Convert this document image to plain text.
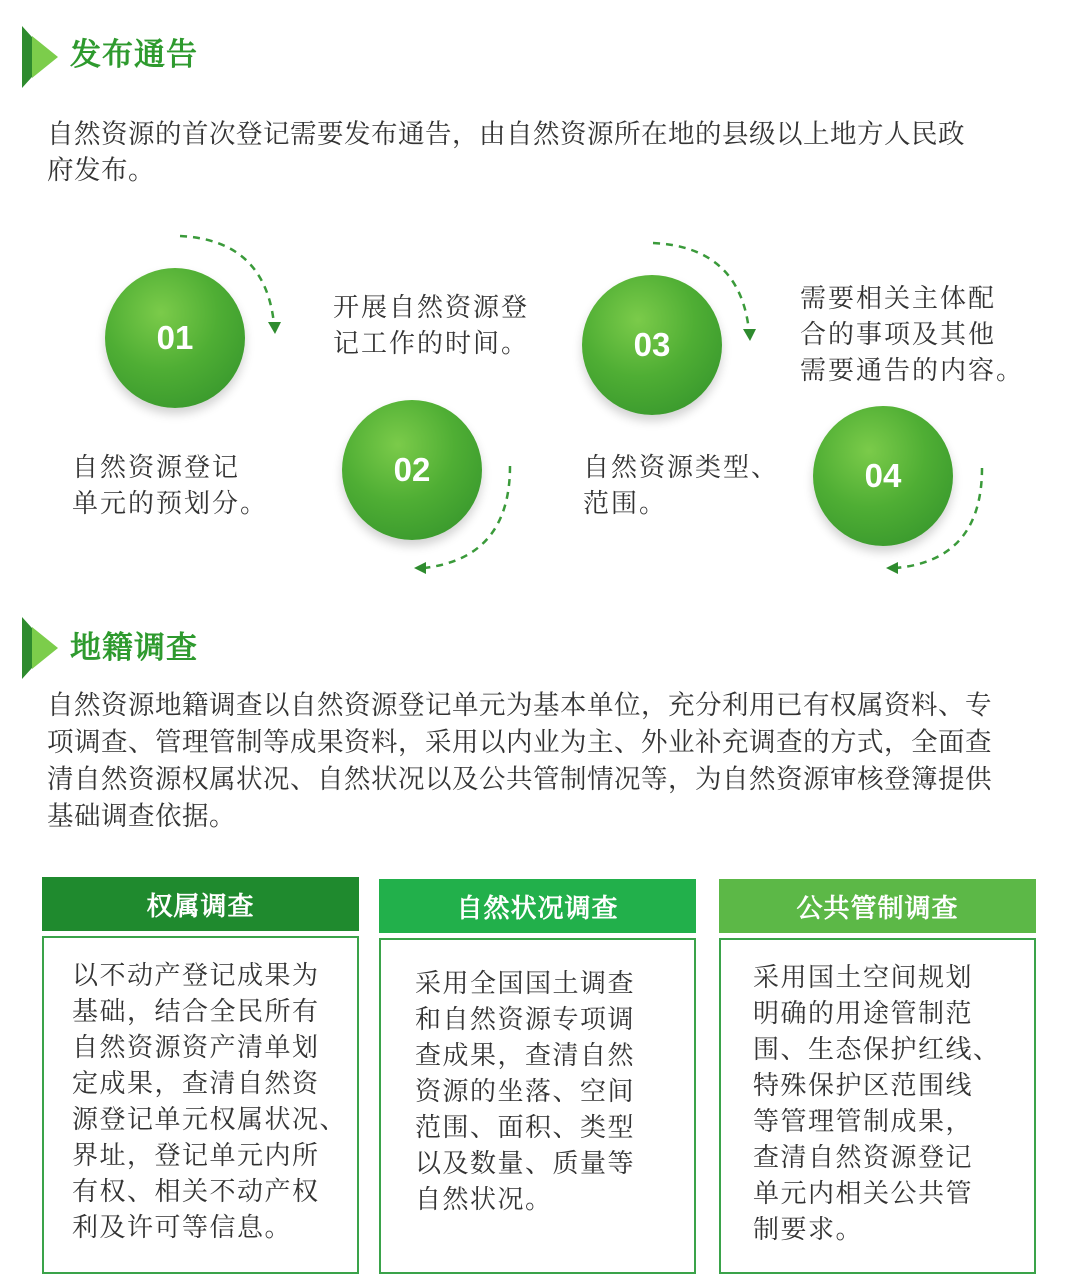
发布通告
自然资源的首次登记需要发布通告，由自然资源所在地的县级以上地方人民政
府发布。
01
02
03
04
自然资源登记
单元的预划分。
开展自然资源登
记工作的时间。
自然资源类型、
范围。
需要相关主体配
合的事项及其他
需要通告的内容。
地籍调查
自然资源地籍调查以自然资源登记单元为基本单位，充分利用已有权属资料、专
项调查、管理管制等成果资料，采用以内业为主、外业补充调查的方式，全面查
清自然资源权属状况、自然状况以及公共管制情况等，为自然资源审核登簿提供
基础调查依据。
权属调查
以不动产登记成果为
基础，结合全民所有
自然资源资产清单划
定成果，查清自然资
源登记单元权属状况、
界址，登记单元内所
有权、相关不动产权
利及许可等信息。
自然状况调查
采用全国国土调查
和自然资源专项调
查成果，查清自然
资源的坐落、空间
范围、面积、类型
以及数量、质量等
自然状况。
公共管制调查
采用国土空间规划
明确的用途管制范
围、生态保护红线、
特殊保护区范围线
等管理管制成果，
查清自然资源登记
单元内相关公共管
制要求。
